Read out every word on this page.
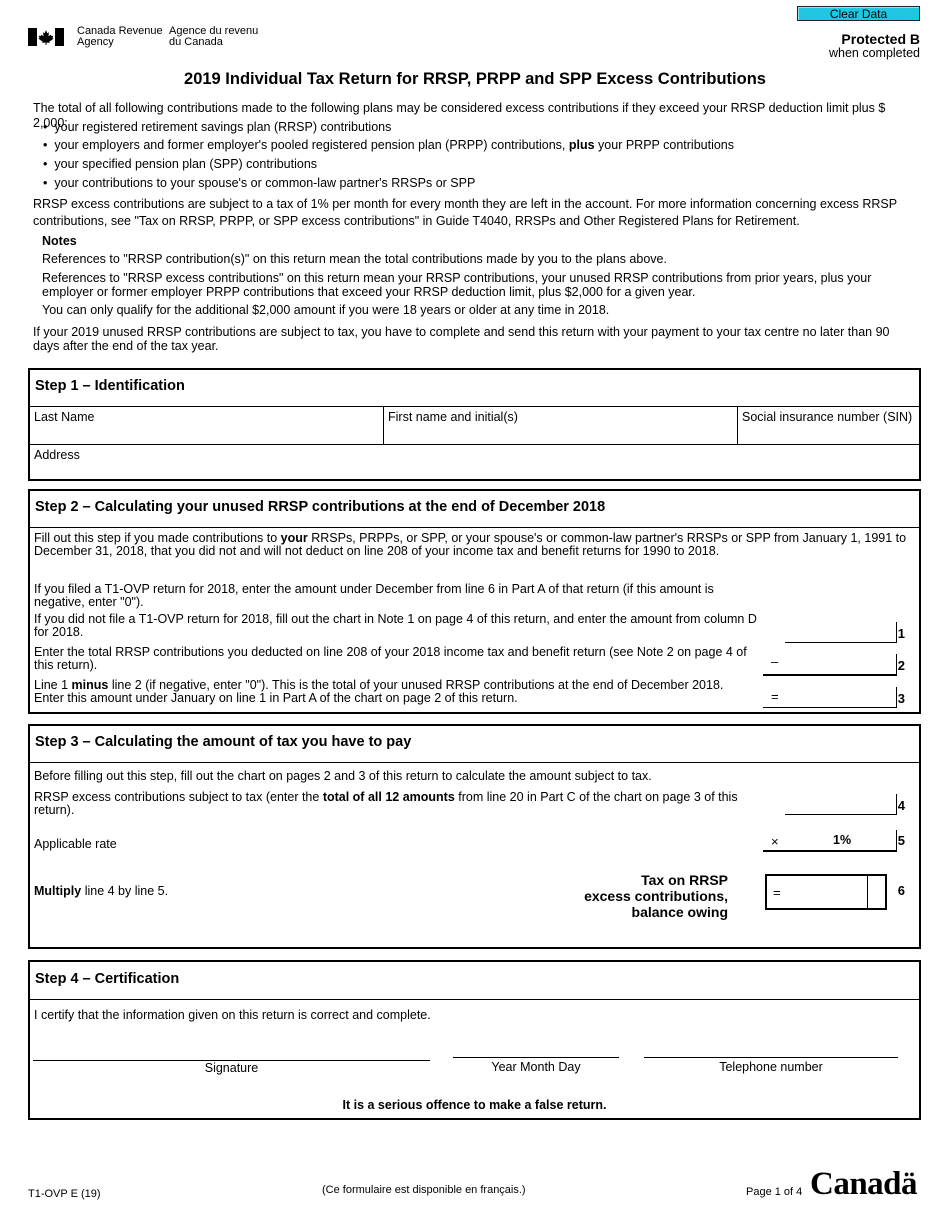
Canada Revenue
Agency
Agence du revenu
du Canada
Clear Data
Protected B
when completed
2019 Individual Tax Return for RRSP, PRPP and SPP Excess Contributions
The total of all following contributions made to the following plans may be considered excess contributions if they exceed your RRSP deduction limit plus $ 2,000:
• your registered retirement savings plan (RRSP) contributions
• your employers and former employer's pooled registered pension plan (PRPP) contributions, plus your PRPP contributions
• your specified pension plan (SPP) contributions
• your contributions to your spouse's or common-law partner's RRSPs or SPP
RRSP excess contributions are subject to a tax of 1% per month for every month they are left in the account. For more information concerning excess RRSP contributions, see "Tax on RRSP, PRPP, or SPP excess contributions" in Guide T4040, RRSPs and Other Registered Plans for Retirement.
Notes
References to "RRSP contribution(s)" on this return mean the total contributions made by you to the plans above.
References to "RRSP excess contributions" on this return mean your RRSP contributions, your unused RRSP contributions from prior years, plus your employer or former employer PRPP contributions that exceed your RRSP deduction limit, plus $2,000 for a given year.
You can only qualify for the additional $2,000 amount if you were 18 years or older at any time in 2018.
If your 2019 unused RRSP contributions are subject to tax, you have to complete and send this return with your payment to your tax centre no later than 90 days after the end of the tax year.
Step 1 – Identification
Last Name	First name and initial(s)	Social insurance number (SIN)
Address
Step 2 – Calculating your unused RRSP contributions at the end of December 2018
Fill out this step if you made contributions to your RRSPs, PRPPs, or SPP, or your spouse's or common-law partner's RRSPs or SPP from January 1, 1991 to December 31, 2018, that you did not and will not deduct on line 208 of your income tax and benefit returns for 1990 to 2018.
If you filed a T1-OVP return for 2018, enter the amount under December from line 6 in Part A of that return (if this amount is negative, enter "0").
If you did not file a T1-OVP return for 2018, fill out the chart in Note 1 on page 4 of this return, and enter the amount from column D for 2018.	1
Enter the total RRSP contributions you deducted on line 208 of your 2018 income tax and benefit return (see Note 2 on page 4 of this return).	–	2
Line 1 minus line 2 (if negative, enter "0"). This is the total of your unused RRSP contributions at the end of December 2018.
Enter this amount under January on line 1 in Part A of the chart on page 2 of this return.	=	3
Step 3 – Calculating the amount of tax you have to pay
Before filling out this step, fill out the chart on pages 2 and 3 of this return to calculate the amount subject to tax.
RRSP excess contributions subject to tax (enter the total of all 12 amounts from line 20 in Part C of the chart on page 3 of this return).	4
Applicable rate	×	1%	5
Multiply line 4 by line 5.
Tax on RRSP
excess contributions,
balance owing
=	6
Step 4 – Certification
I certify that the information given on this return is correct and complete.
It is a serious offence to make a false return.
Signature	Year Month Day	Telephone number
T1-OVP E (19)	(Ce formulaire est disponible en français.)	Page 1 of 4 Canadä
